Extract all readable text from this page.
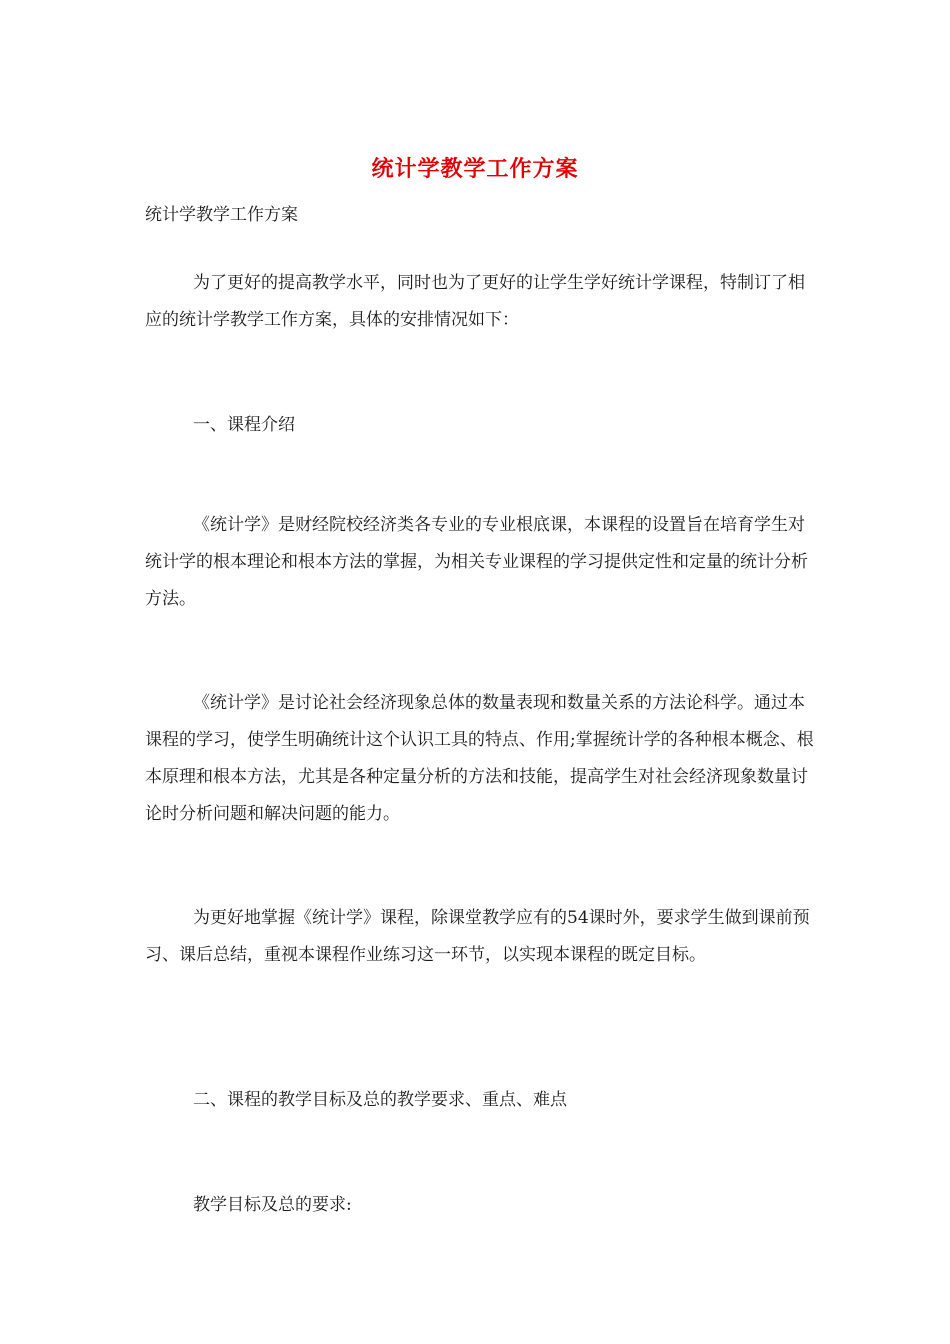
统计学教学工作方案
统计学教学工作方案
为了更好的提高教学水平，同时也为了更好的让学生学好统计学课程，特制订了相应的统计学教学工作方案，具体的安排情况如下：
一、课程介绍
《统计学》是财经院校经济类各专业的专业根底课，本课程的设置旨在培育学生对统计学的根本理论和根本方法的掌握，为相关专业课程的学习提供定性和定量的统计分析方法。
《统计学》是讨论社会经济现象总体的数量表现和数量关系的方法论科学。通过本课程的学习，使学生明确统计这个认识工具的特点、作用;掌握统计学的各种根本概念、根本原理和根本方法，尤其是各种定量分析的方法和技能，提高学生对社会经济现象数量讨论时分析问题和解决问题的能力。
为更好地掌握《统计学》课程，除课堂教学应有的54课时外，要求学生做到课前预习、课后总结，重视本课程作业练习这一环节，以实现本课程的既定目标。
二、课程的教学目标及总的教学要求、重点、难点
教学目标及总的要求:
